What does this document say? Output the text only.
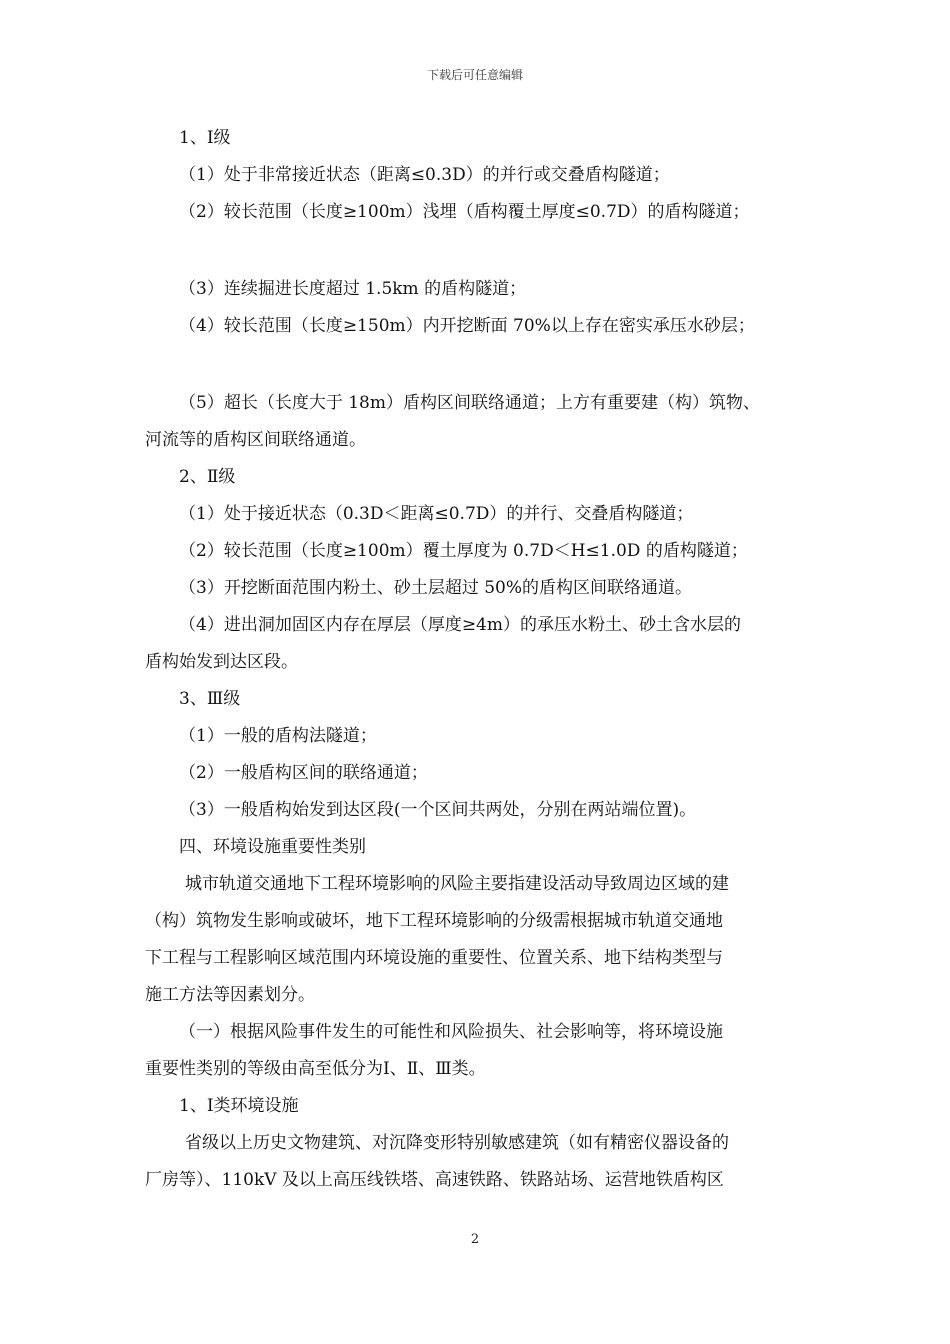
下载后可任意编辑

1、Ⅰ级

（1）处于非常接近状态（距离≤0.3D）的并行或交叠盾构隧道；

（2）较长范围（长度≥100m）浅埋（盾构覆土厚度≤0.7D）的盾构隧道；

（3）连续掘进长度超过 1.5km 的盾构隧道；

（4）较长范围（长度≥150m）内开挖断面 70%以上存在密实承压水砂层；

（5）超长（长度大于 18m）盾构区间联络通道；上方有重要建（构）筑物、

河流等的盾构区间联络通道。

2、Ⅱ级

（1）处于接近状态（0.3D＜距离≤0.7D）的并行、交叠盾构隧道；

（2）较长范围（长度≥100m）覆土厚度为 0.7D＜H≤1.0D 的盾构隧道；

（3）开挖断面范围内粉土、砂土层超过 50%的盾构区间联络通道。

（4）进出洞加固区内存在厚层（厚度≥4m）的承压水粉土、砂土含水层的

盾构始发到达区段。

3、Ⅲ级

（1）一般的盾构法隧道；

（2）一般盾构区间的联络通道；

（3）一般盾构始发到达区段(一个区间共两处，分别在两站端位置)。

四、环境设施重要性类别

城市轨道交通地下工程环境影响的风险主要指建设活动导致周边区域的建

（构）筑物发生影响或破坏，地下工程环境影响的分级需根据城市轨道交通地

下工程与工程影响区域范围内环境设施的重要性、位置关系、地下结构类型与

施工方法等因素划分。

（一）根据风险事件发生的可能性和风险损失、社会影响等，将环境设施

重要性类别的等级由高至低分为Ⅰ、Ⅱ、Ⅲ类。

1、Ⅰ类环境设施

省级以上历史文物建筑、对沉降变形特别敏感建筑（如有精密仪器设备的

厂房等）、110kV 及以上高压线铁塔、高速铁路、铁路站场、运营地铁盾构区

2
